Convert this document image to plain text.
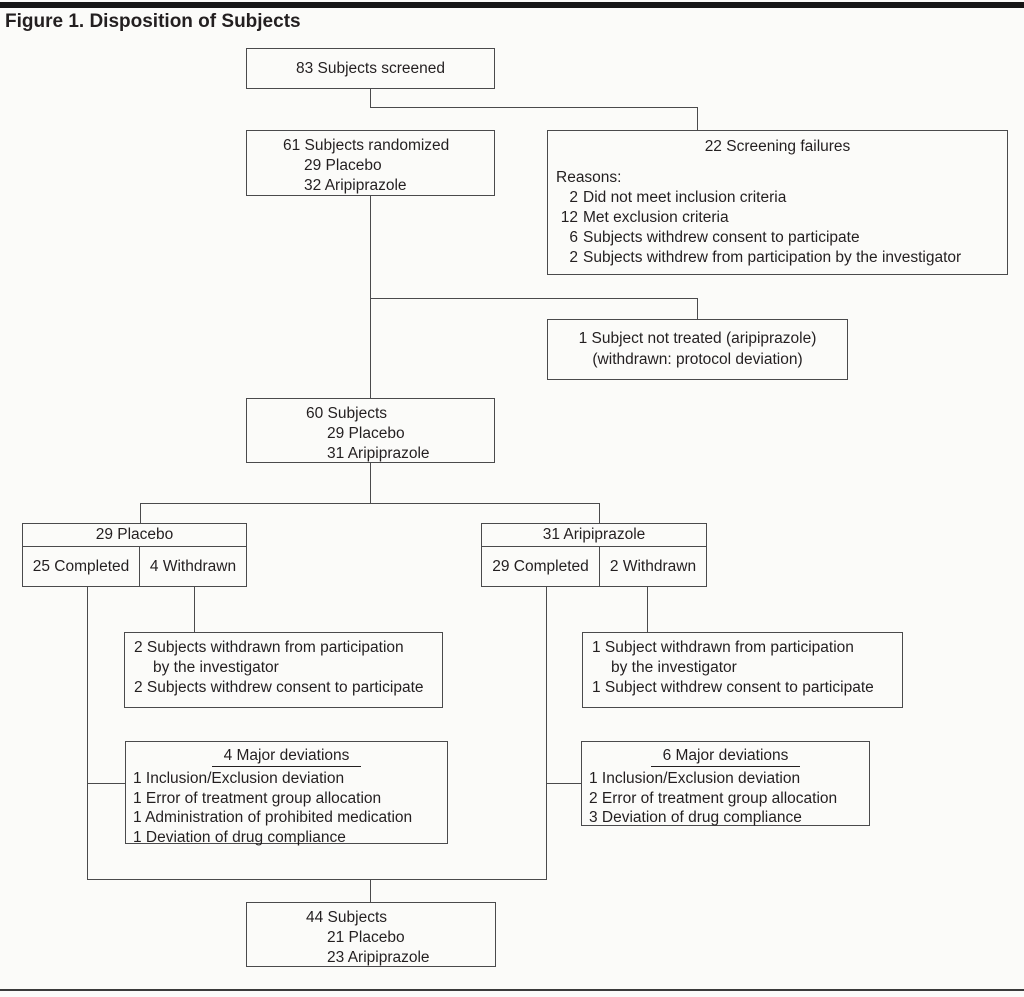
Figure 1. Disposition of Subjects
83 Subjects screened
61 Subjects randomized
29 Placebo
32 Aripiprazole
22 Screening failures
Reasons:
2 Did not meet inclusion criteria
12 Met exclusion criteria
6 Subjects withdrew consent to participate
2 Subjects withdrew from participation by the investigator
1 Subject not treated (aripiprazole)
(withdrawn: protocol deviation)
60 Subjects
29 Placebo
31 Aripiprazole
29 Placebo
25 Completed 4 Withdrawn
31 Aripiprazole
29 Completed 2 Withdrawn
2 Subjects withdrawn from participation
by the investigator
2 Subjects withdrew consent to participate
1 Subject withdrawn from participation
by the investigator
1 Subject withdrew consent to participate
4 Major deviations
1 Inclusion/Exclusion deviation
1 Error of treatment group allocation
1 Administration of prohibited medication
1 Deviation of drug compliance
6 Major deviations
1 Inclusion/Exclusion deviation
2 Error of treatment group allocation
3 Deviation of drug compliance
44 Subjects
21 Placebo
23 Aripiprazole
